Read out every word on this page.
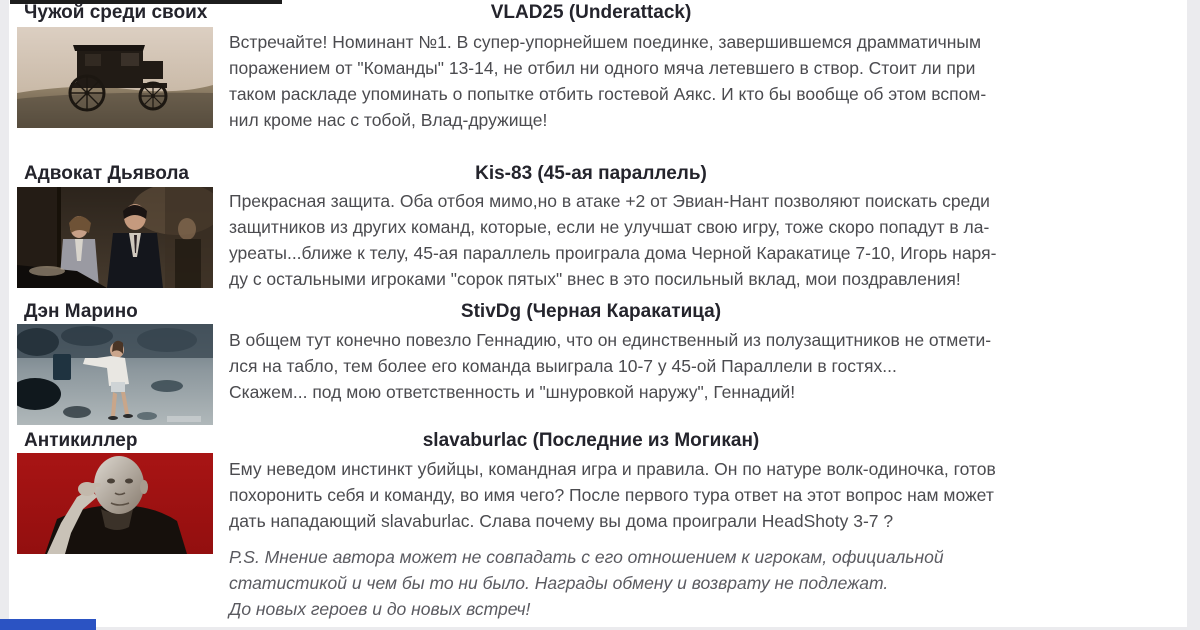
Чужой среди своих	VLAD25 (Underattack)
Встречайте! Номинант №1. В супер-упорнейшем поединке, завершившемся драмматичным
поражением от "Команды" 13-14, не отбил ни одного мяча летевшего в створ. Стоит ли при
таком раскладе упоминать о попытке отбить гостевой Аякс. И кто бы вообще об этом вспом-
нил кроме нас с тобой, Влад-дружище!
Адвокат Дьявола	Kis-83 (45-ая параллель)
Прекрасная защита. Оба отбоя мимо,но в атаке +2 от Эвиан-Нант позволяют поискать среди
защитников из других команд, которые, если не улучшат свою игру, тоже скоро попадут в ла-
уреаты...ближе к телу, 45-ая параллель проиграла дома Черной Каракатице 7-10, Игорь наря-
ду с остальными игроками "сорок пятых" внес в это посильный вклад, мои поздравления!
Дэн Марино	StivDg (Черная Каракатица)
В общем тут конечно повезло Геннадию, что он единственный из полузащитников не отмети-
лся на табло, тем более его команда выиграла 10-7 у 45-ой Параллели в гостях...
Скажем... под мою ответственность и "шнуровкой наружу", Геннадий!
Антикиллер	slavaburlac (Последние из Могикан)
Ему неведом инстинкт убийцы, командная игра и правила. Он по натуре волк-одиночка, готов
похоронить себя и команду, во имя чего? После первого тура ответ на этот вопрос нам может
дать нападающий slavaburlac. Слава почему вы дома проиграли HeadShoty 3-7 ?
P.S. Мнение автора может не совпадать с его отношением к игрокам, официальной
статистикой и чем бы то ни было. Награды обмену и возврату не подлежат.
До новых героев и до новых встреч!
